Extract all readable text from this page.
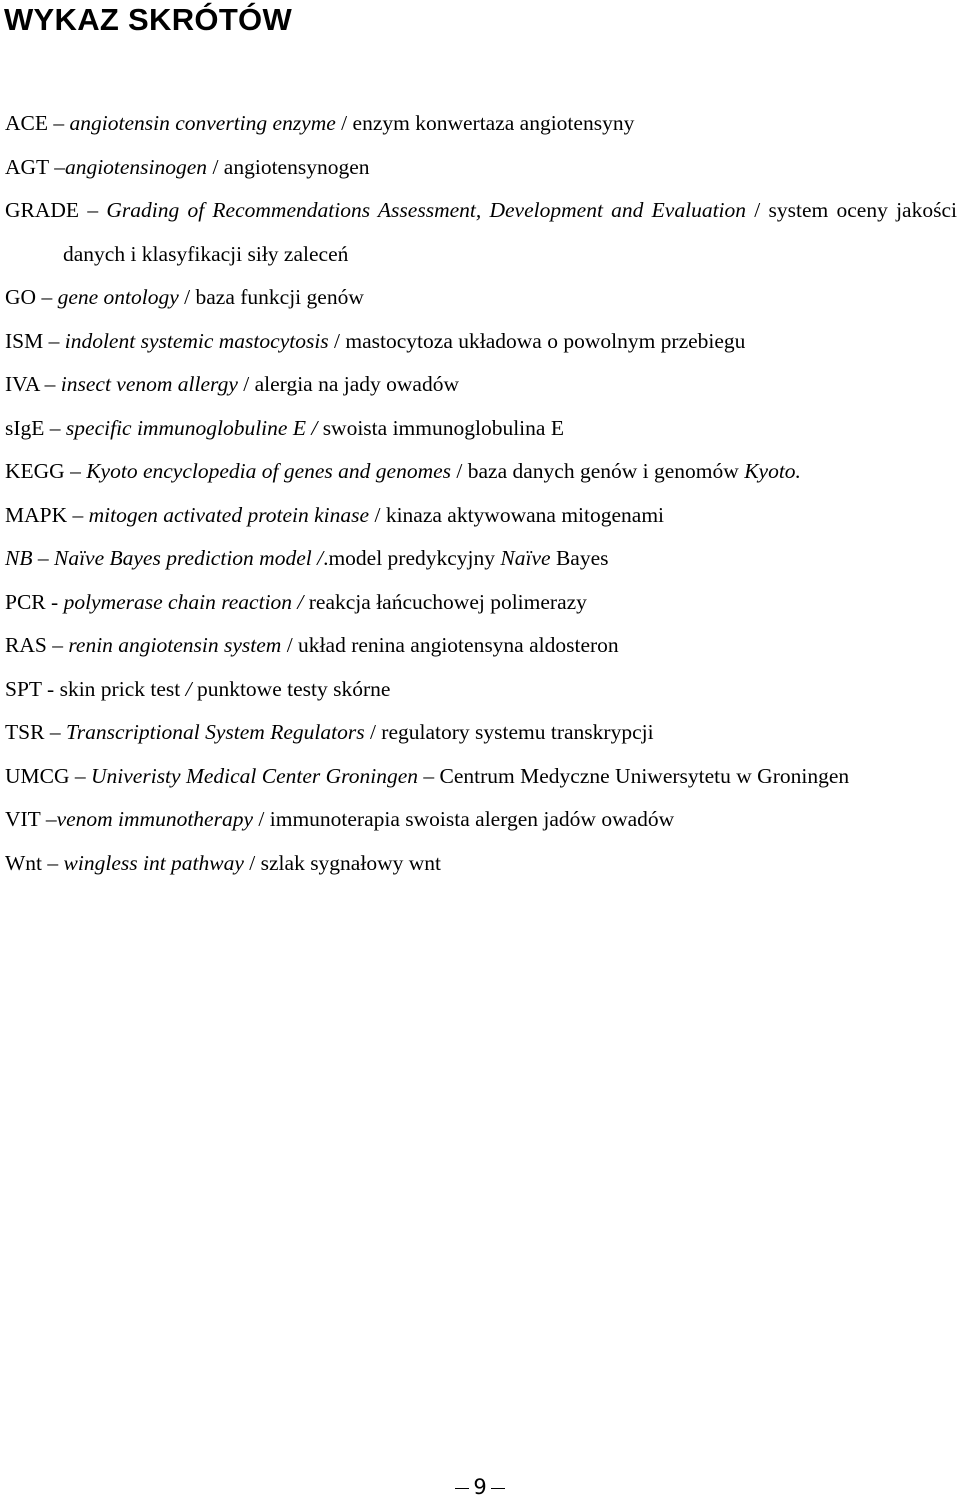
WYKAZ SKRÓTÓW
ACE – angiotensin converting enzyme / enzym konwertaza angiotensyny
AGT –angiotensinogen / angiotensynogen
GRADE – Grading of Recommendations Assessment, Development and Evaluation / system oceny jakości danych i klasyfikacji siły zaleceń
GO – gene ontology / baza funkcji genów
ISM – indolent systemic mastocytosis / mastocytoza układowa o powolnym przebiegu
IVA – insect venom allergy / alergia na jady owadów
sIgE – specific immunoglobuline E / swoista immunoglobulina E
KEGG – Kyoto encyclopedia of genes and genomes / baza danych genów i genomów Kyoto.
MAPK – mitogen activated protein kinase / kinaza aktywowana mitogenami
NB – Naïve Bayes prediction model /.model predykcyjny Naïve Bayes
PCR - polymerase chain reaction / reakcja łańcuchowej polimerazy
RAS – renin angiotensin system / układ renina angiotensyna aldosteron
SPT - skin prick test / punktowe testy skórne
TSR – Transcriptional System Regulators / regulatory systemu transkrypcji
UMCG – Univeristy Medical Center Groningen – Centrum Medyczne Uniwersytetu w Groningen
VIT –venom immunotherapy / immunoterapia swoista alergen jadów owadów
Wnt – wingless int pathway / szlak sygnałowy wnt
9
